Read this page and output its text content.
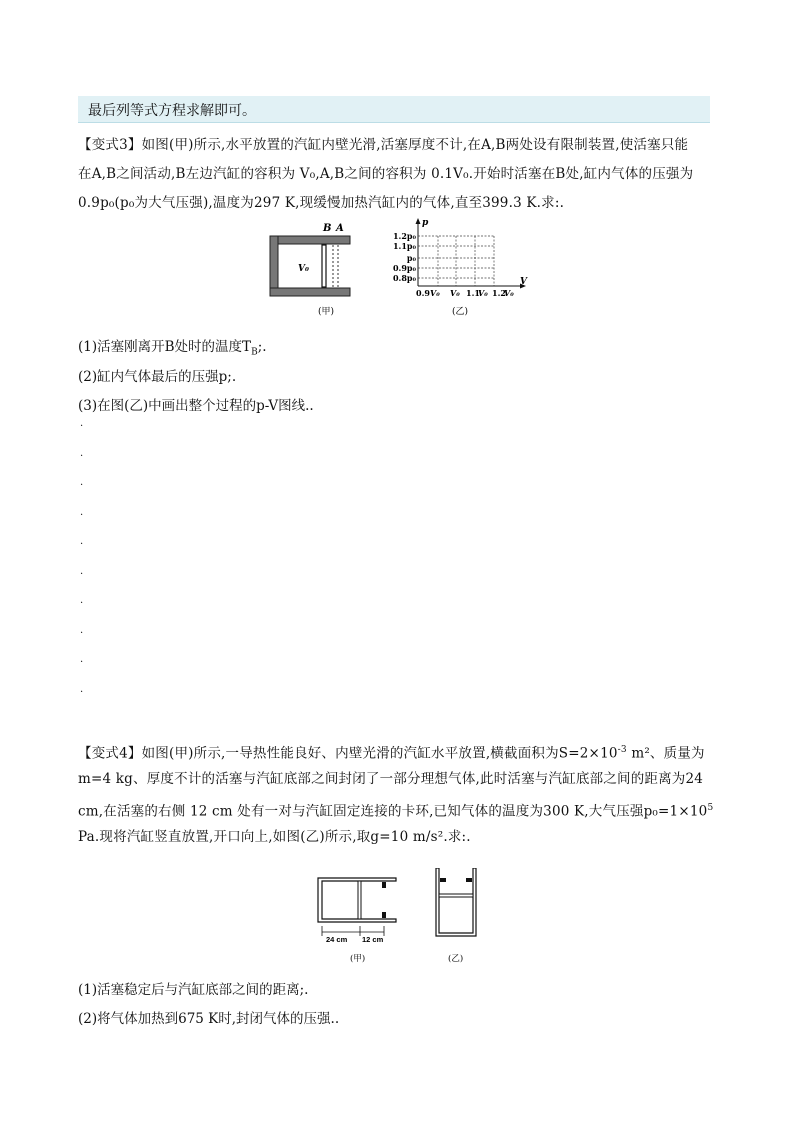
最后列等式方程求解即可。
【变式3】如图(甲)所示,水平放置的汽缸内壁光滑,活塞厚度不计,在A,B两处设有限制装置,使活塞只能
在A,B之间活动,B左边汽缸的容积为 V₀,A,B之间的容积为 0.1V₀.开始时活塞在B处,缸内气体的压强为
0.9p₀(p₀为大气压强),温度为297 K,现缓慢加热汽缸内的气体,直至399.3 K.求:.
B A
V₀
(甲)
p
V
1.2p₀
1.1p₀
p₀
0.9p₀
0.8p₀
0.9 V₀ V₀ 1.1
V₀ 1.2
V₀
(乙)
(1)活塞刚离开B处时的温度$T_B$;.
(2)缸内气体最后的压强p;.
(3)在图(乙)中画出整个过程的p-V图线..
.
.
.
.
.
.
.
.
.
.
【变式4】如图(甲)所示,一导热性能良好、内壁光滑的汽缸水平放置,横截面积为$S=2\times 10^{-3}$ m²、质量为
m=4 kg、厚度不计的活塞与汽缸底部之间封闭了一部分理想气体,此时活塞与汽缸底部之间的距离为24
cm,在活塞的右侧 12 cm 处有一对与汽缸固定连接的卡环,已知气体的温度为300 K,大气压强$p_0=1\times 10^5$
Pa.现将汽缸竖直放置,开口向上,如图(乙)所示,取g=10 m/s².求:.
24 cm 12 cm
(甲)	(乙)
(1)活塞稳定后与汽缸底部之间的距离;.
(2)将气体加热到675 K时,封闭气体的压强..
